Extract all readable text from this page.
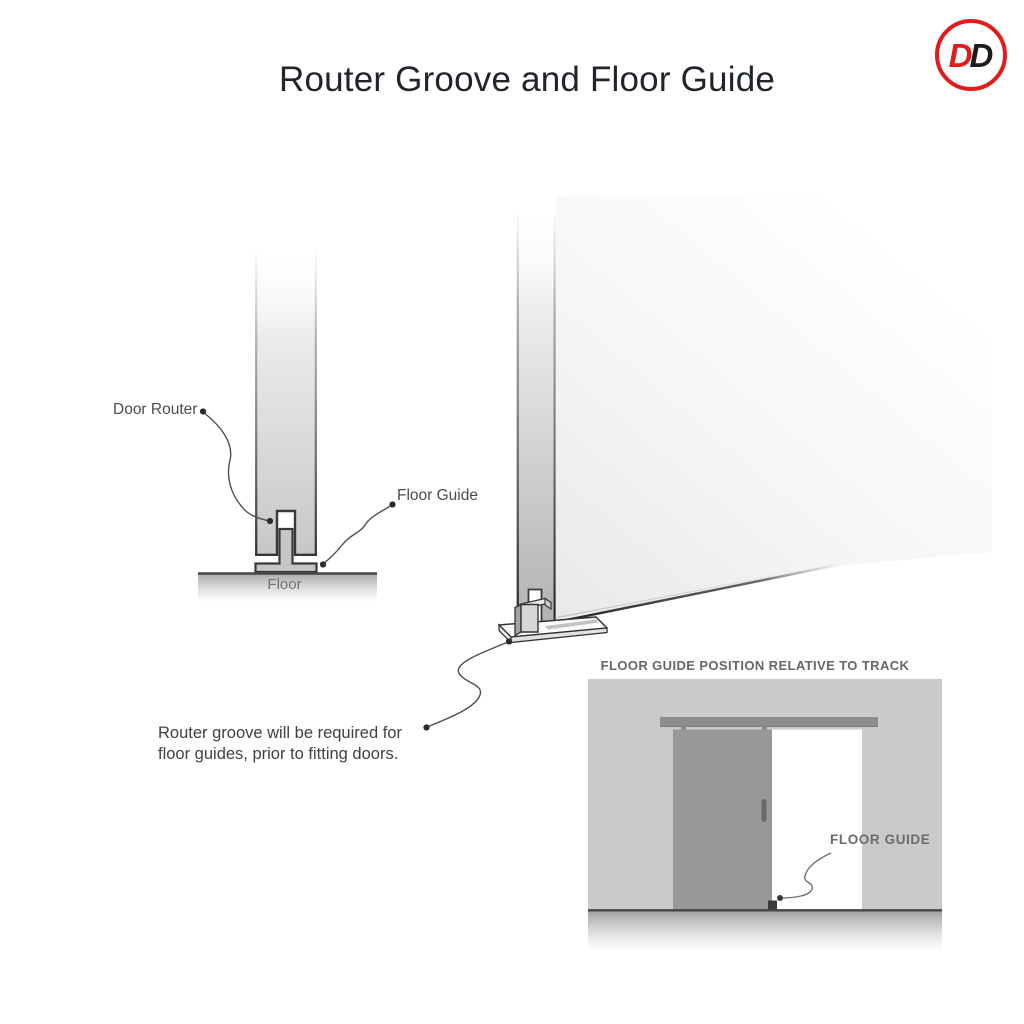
Router Groove and Floor Guide
D
D
Door Router
Floor Guide
Floor
Router groove will be required for
floor guides, prior to fitting doors.
FLOOR GUIDE POSITION RELATIVE TO TRACK
FLOOR GUIDE
